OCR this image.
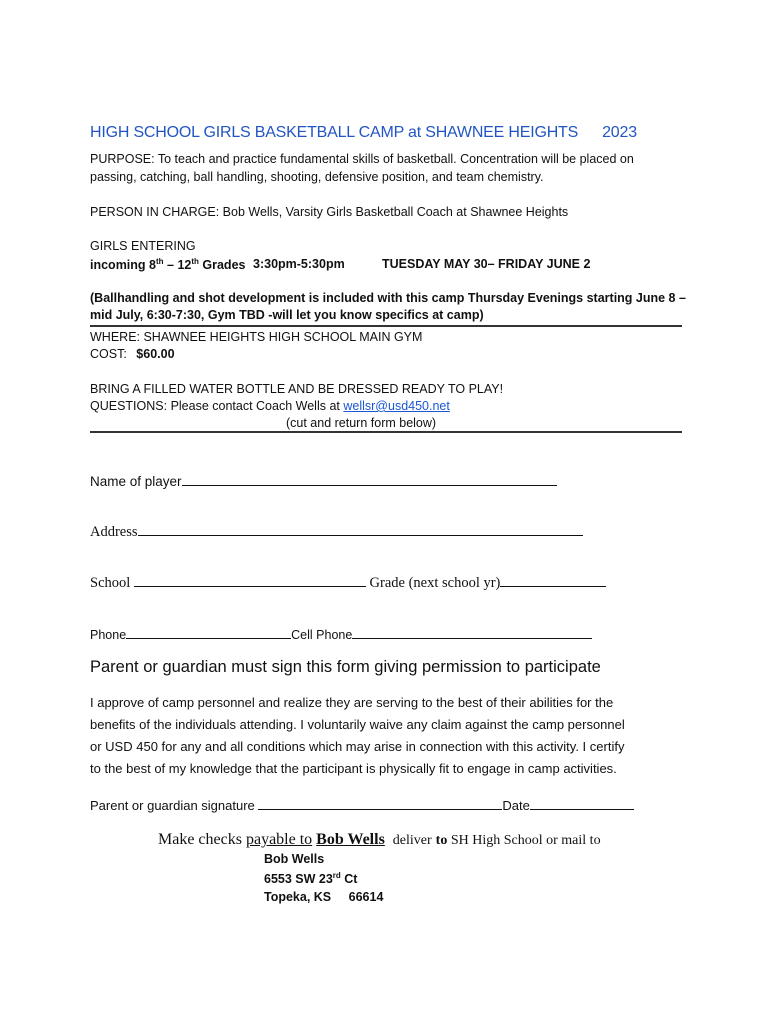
HIGH SCHOOL GIRLS BASKETBALL CAMP at SHAWNEE HEIGHTS 2023
PURPOSE: To teach and practice fundamental skills of basketball. Concentration will be placed on
passing, catching, ball handling, shooting, defensive position, and team chemistry.
PERSON IN CHARGE: Bob Wells, Varsity Girls Basketball Coach at Shawnee Heights
GIRLS ENTERING
incoming 8th – 12th Grades 3:30pm-5:30pm	TUESDAY MAY 30– FRIDAY JUNE 2
(Ballhandling and shot development is included with this camp Thursday Evenings starting June 8 –
mid July, 6:30-7:30, Gym TBD -will let you know specifics at camp)
WHERE: SHAWNEE HEIGHTS HIGH SCHOOL MAIN GYM
COST: $60.00
BRING A FILLED WATER BOTTLE AND BE DRESSED READY TO PLAY!
QUESTIONS: Please contact Coach Wells at wellsr@usd450.net
(cut and return form below)
Name of player
Address
School	Grade (next school yr)
Phone	Cell Phone
Parent or guardian must sign this form giving permission to participate
I approve of camp personnel and realize they are serving to the best of their abilities for the
benefits of the individuals attending. I voluntarily waive any claim against the camp personnel
or USD 450 for any and all conditions which may arise in connection with this activity. I certify
to the best of my knowledge that the participant is physically fit to engage in camp activities.
Parent or guardian signature	Date
Make checks payable to Bob Wells deliver to SH High School or mail to
Bob Wells
6553 SW 23rd Ct
Topeka, KS 66614
